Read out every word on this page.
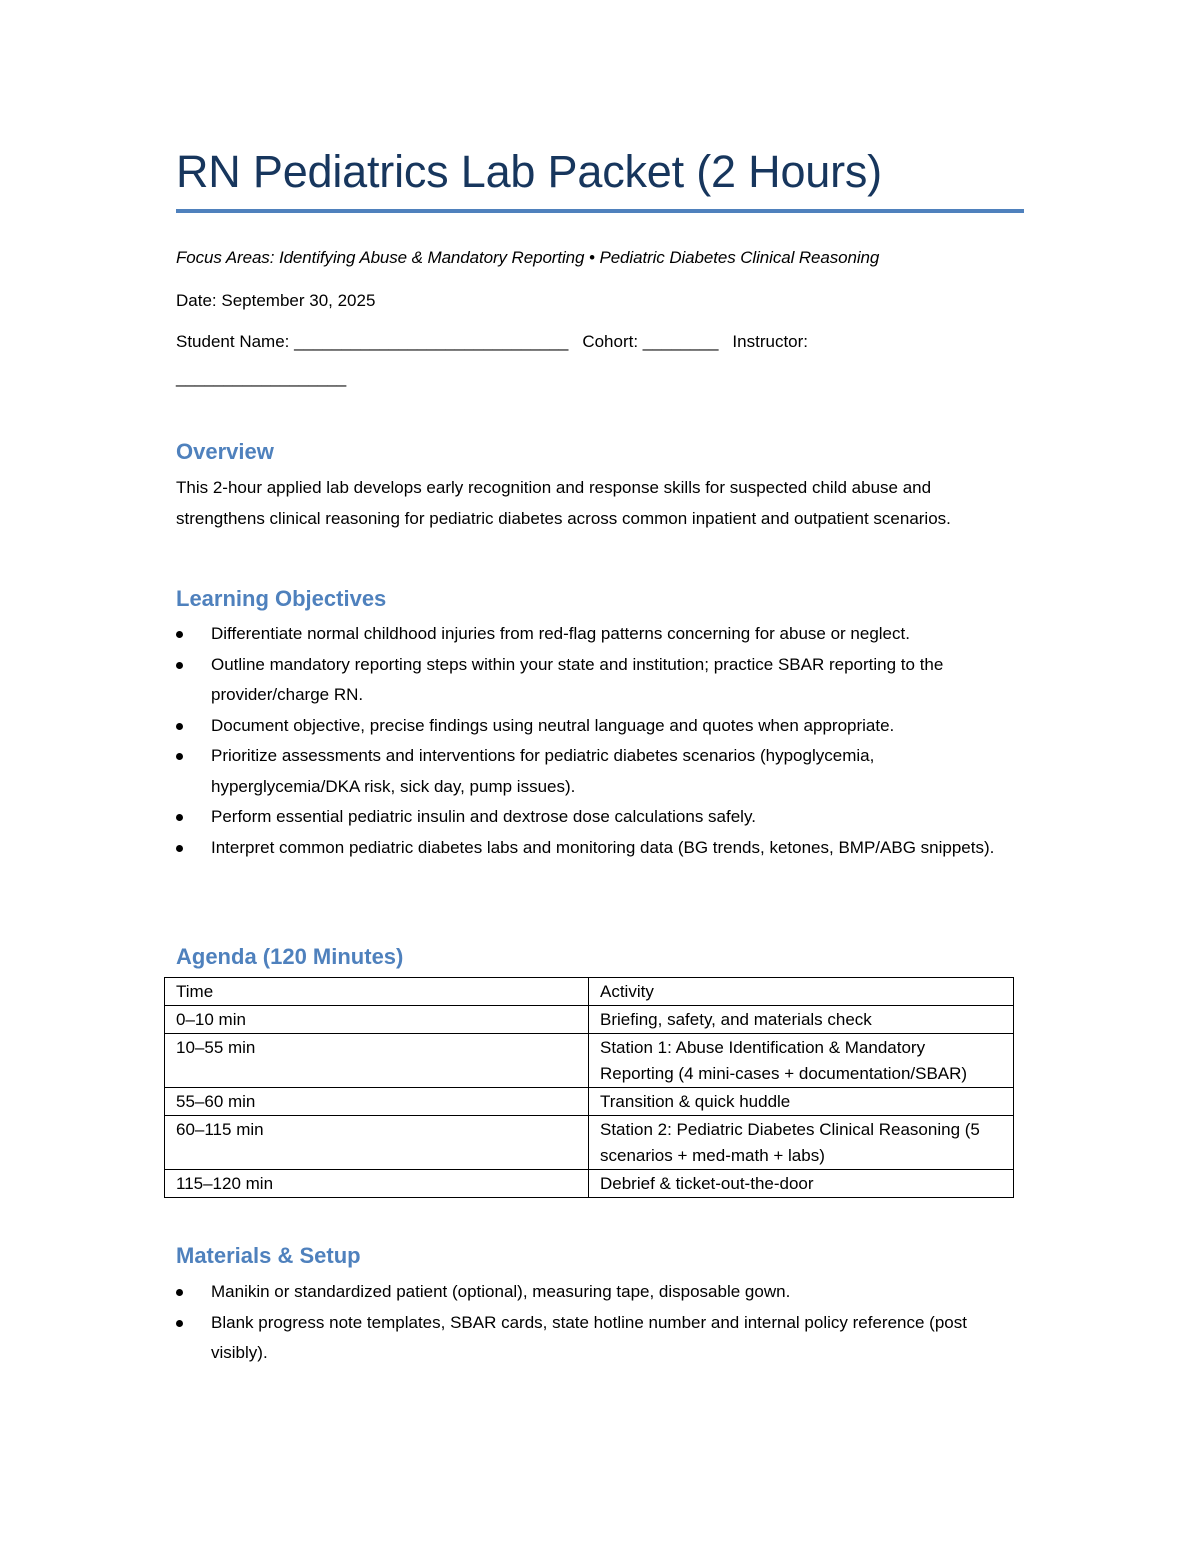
RN Pediatrics Lab Packet (2 Hours)
Focus Areas: Identifying Abuse & Mandatory Reporting • Pediatric Diabetes Clinical Reasoning
Date: September 30, 2025
Student Name: _____________________________ Cohort: ________ Instructor:
__________________
Overview

This 2-hour applied lab develops early recognition and response skills for suspected child abuse and strengthens clinical reasoning for pediatric diabetes across common inpatient and outpatient scenarios.

Learning Objectives
Differentiate normal childhood injuries from red-flag patterns concerning for abuse or neglect.
Outline mandatory reporting steps within your state and institution; practice SBAR reporting to the provider/charge RN.
Document objective, precise findings using neutral language and quotes when appropriate.
Prioritize assessments and interventions for pediatric diabetes scenarios (hypoglycemia, hyperglycemia/DKA risk, sick day, pump issues).
Perform essential pediatric insulin and dextrose dose calculations safely.
Interpret common pediatric diabetes labs and monitoring data (BG trends, ketones, BMP/ABG snippets).
Agenda (120 Minutes)
Time	Activity
0–10 min	Briefing, safety, and materials check
10–55 min	Station 1: Abuse Identification & Mandatory Reporting (4 mini-cases + documentation/SBAR)
55–60 min	Transition & quick huddle
60–115 min	Station 2: Pediatric Diabetes Clinical Reasoning (5 scenarios + med-math + labs)
115–120 min	Debrief & ticket-out-the-door
Materials & Setup
Manikin or standardized patient (optional), measuring tape, disposable gown.
Blank progress note templates, SBAR cards, state hotline number and internal policy reference (post visibly).
